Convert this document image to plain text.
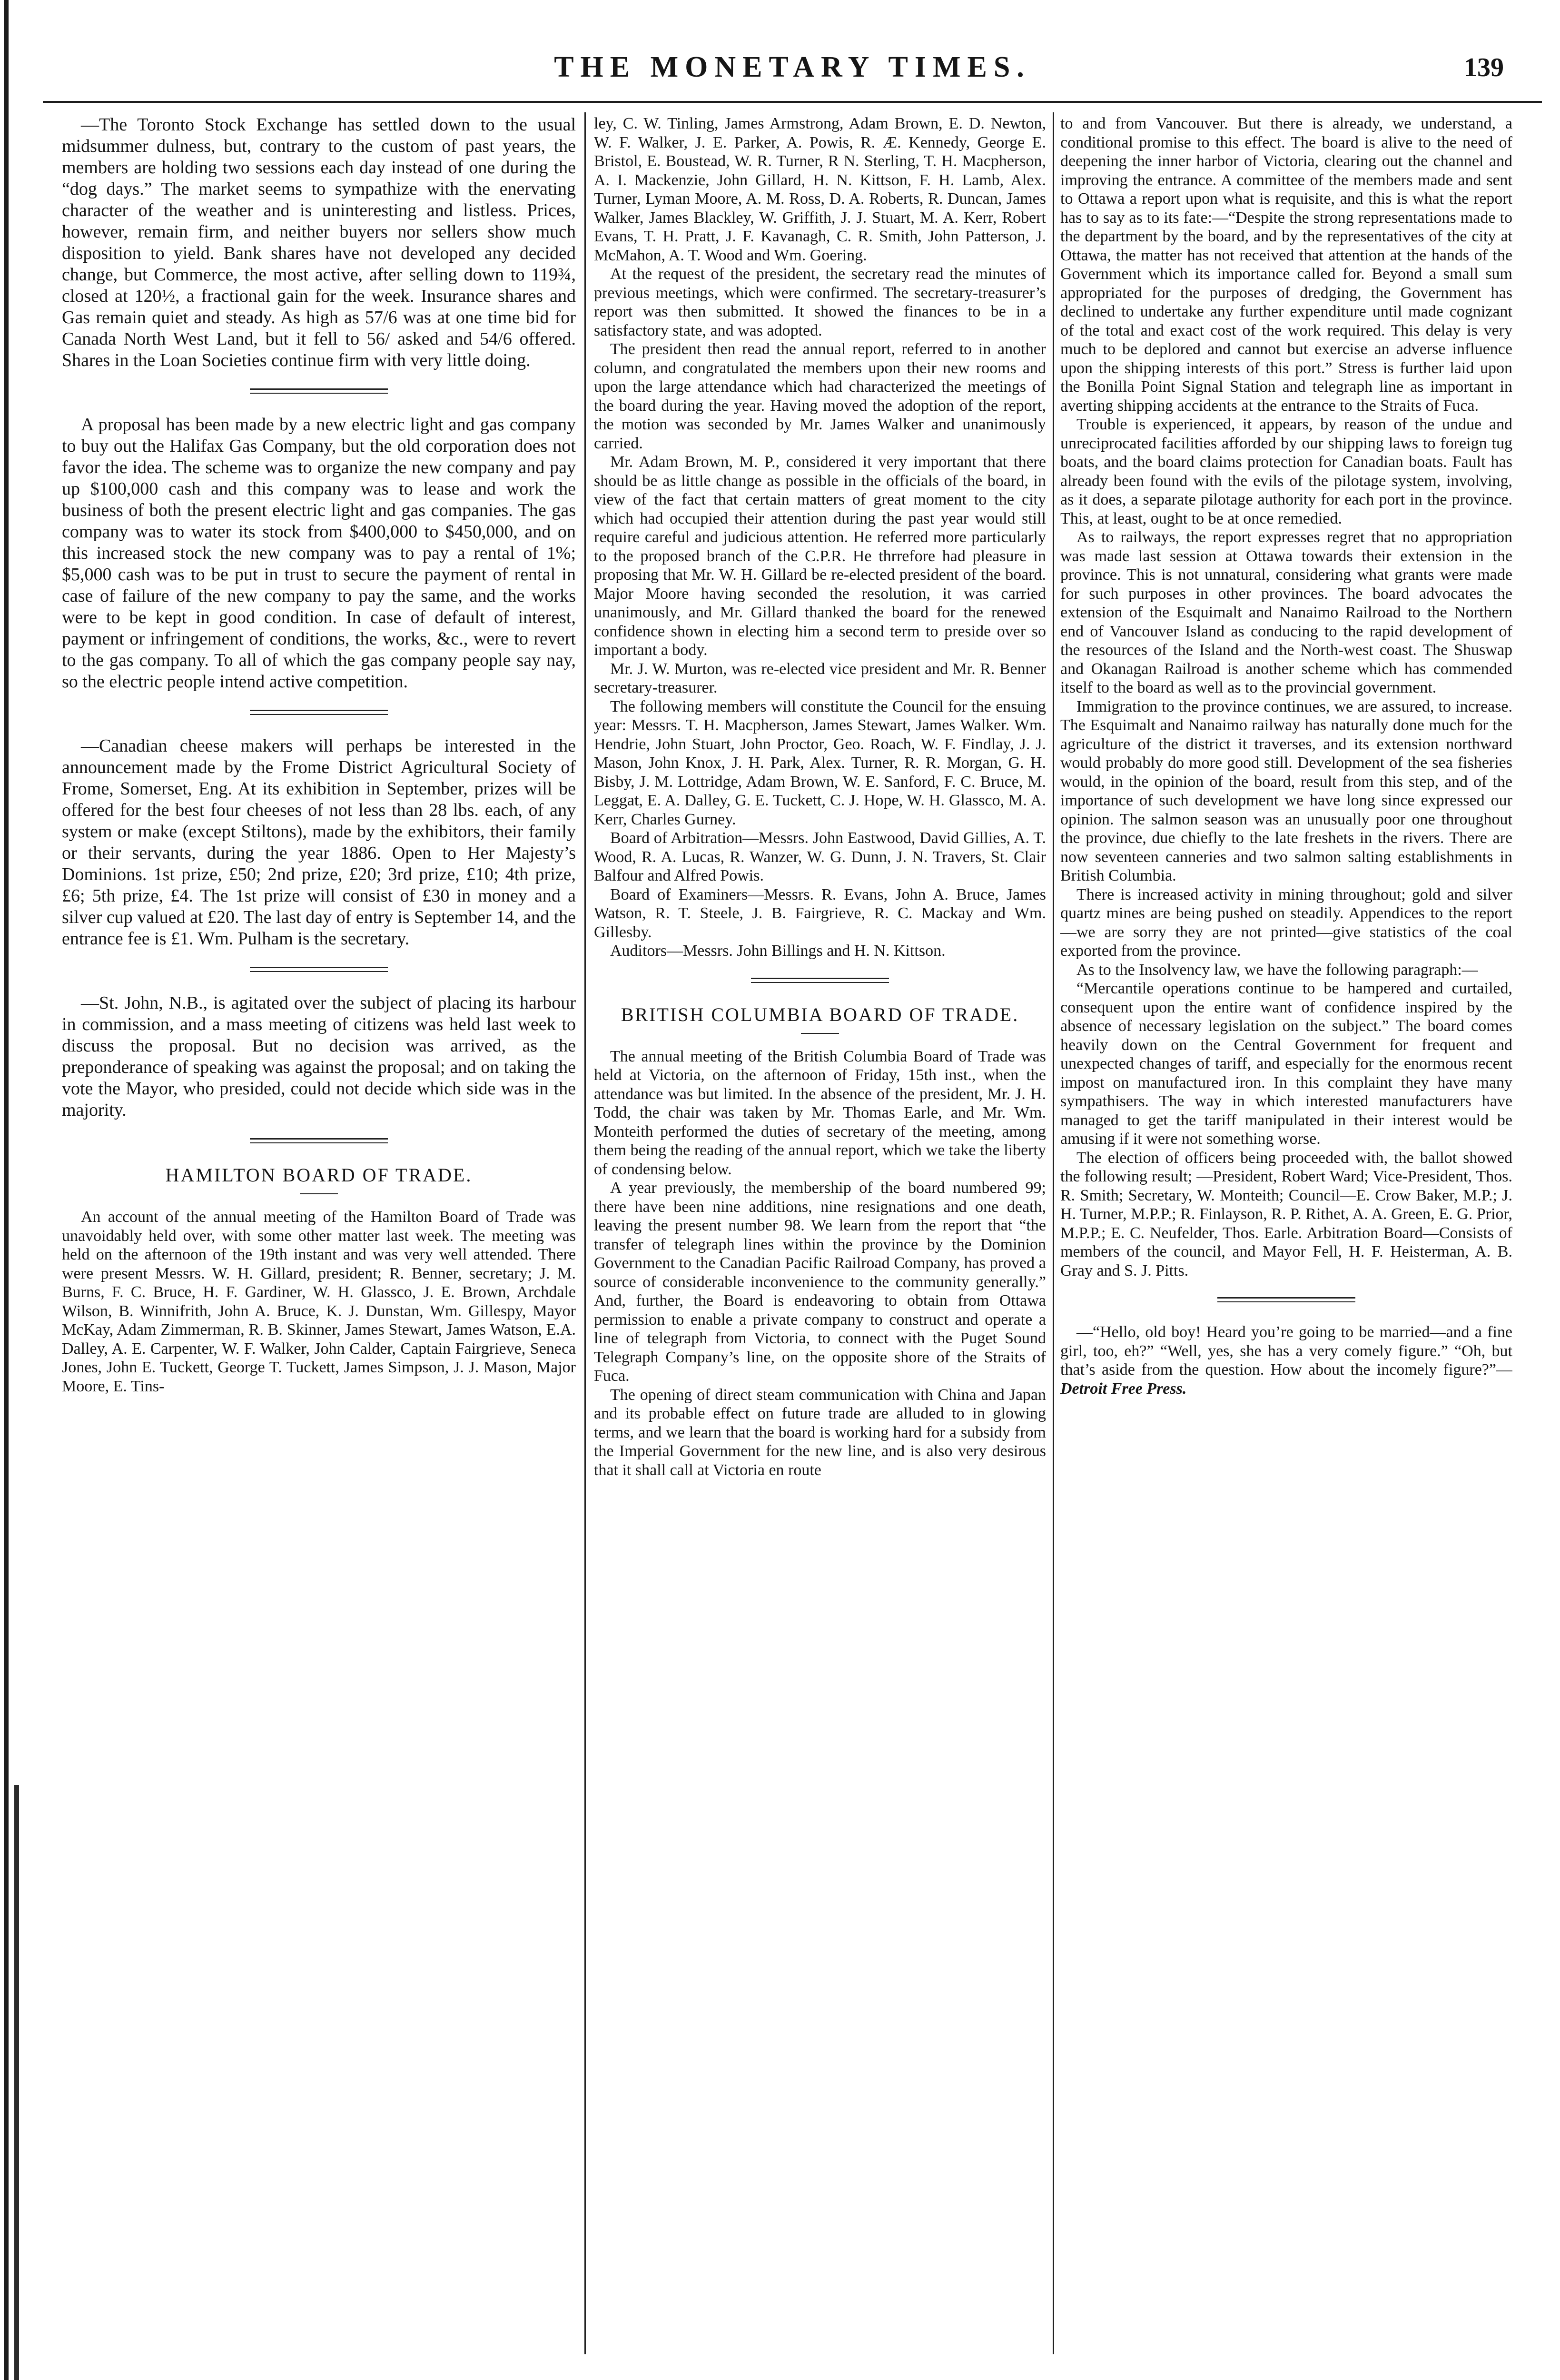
THE MONETARY TIMES.	139

—The Toronto Stock Exchange has settled down to the usual midsummer dulness, but, contrary to the custom of past years, the members are holding two sessions each day instead of one during the “dog days.” The market seems to sympathize with the enervating character of the weather and is uninteresting and listless. Prices, however, remain firm, and neither buyers nor sellers show much disposition to yield. Bank shares have not developed any decided change, but Commerce, the most active, after selling down to 119¾, closed at 120½, a fractional gain for the week. Insurance shares and Gas remain quiet and steady. As high as 57/6 was at one time bid for Canada North West Land, but it fell to 56/ asked and 54/6 offered. Shares in the Loan Societies continue firm with very little doing.

A proposal has been made by a new electric light and gas company to buy out the Halifax Gas Company, but the old corporation does not favor the idea. The scheme was to organize the new company and pay up $100,000 cash and this company was to lease and work the business of both the present electric light and gas companies. The gas company was to water its stock from $400,000 to $450,000, and on this increased stock the new company was to pay a rental of 1%; $5,000 cash was to be put in trust to secure the payment of rental in case of failure of the new company to pay the same, and the works were to be kept in good condition. In case of default of interest, payment or infringement of conditions, the works, &c., were to revert to the gas company. To all of which the gas company people say nay, so the electric people intend active competition.

—Canadian cheese makers will perhaps be interested in the announcement made by the Frome District Agricultural Society of Frome, Somerset, Eng. At its exhibition in September, prizes will be offered for the best four cheeses of not less than 28 lbs. each, of any system or make (except Stiltons), made by the exhibitors, their family or their servants, during the year 1886. Open to Her Majesty’s Dominions. 1st prize, £50; 2nd prize, £20; 3rd prize, £10; 4th prize, £6; 5th prize, £4. The 1st prize will consist of £30 in money and a silver cup valued at £20. The last day of entry is September 14, and the entrance fee is £1. Wm. Pulham is the secretary.

—St. John, N.B., is agitated over the subject of placing its harbour in commission, and a mass meeting of citizens was held last week to discuss the proposal. But no decision was arrived, as the preponderance of speaking was against the proposal; and on taking the vote the Mayor, who presided, could not decide which side was in the majority.

HAMILTON BOARD OF TRADE.

An account of the annual meeting of the Hamilton Board of Trade was unavoidably held over, with some other matter last week. The meeting was held on the afternoon of the 19th instant and was very well attended. There were present Messrs. W. H. Gillard, president; R. Benner, secretary; J. M. Burns, F. C. Bruce, H. F. Gardiner, W. H. Glassco, J. E. Brown, Archdale Wilson, B. Winnifrith, John A. Bruce, K. J. Dunstan, Wm. Gillespy, Mayor McKay, Adam Zimmerman, R. B. Skinner, James Stewart, James Watson, E.A. Dalley, A. E. Carpenter, W. F. Walker, John Calder, Captain Fairgrieve, Seneca Jones, John E. Tuckett, George T. Tuckett, James Simpson, J. J. Mason, Major Moore, E. Tins-

ley, C. W. Tinling, James Armstrong, Adam Brown, E. D. Newton, W. F. Walker, J. E. Parker, A. Powis, R. Æ. Kennedy, George E. Bristol, E. Boustead, W. R. Turner, R N. Sterling, T. H. Macpherson, A. I. Mackenzie, John Gillard, H. N. Kittson, F. H. Lamb, Alex. Turner, Lyman Moore, A. M. Ross, D. A. Roberts, R. Duncan, James Walker, James Blackley, W. Griffith, J. J. Stuart, M. A. Kerr, Robert Evans, T. H. Pratt, J. F. Kavanagh, C. R. Smith, John Patterson, J. McMahon, A. T. Wood and Wm. Goering.

At the request of the president, the secretary read the minutes of previous meetings, which were confirmed. The secretary-treasurer’s report was then submitted. It showed the finances to be in a satisfactory state, and was adopted.

The president then read the annual report, referred to in another column, and congratulated the members upon their new rooms and upon the large attendance which had characterized the meetings of the board during the year. Having moved the adoption of the report, the motion was seconded by Mr. James Walker and unanimously carried.

Mr. Adam Brown, M. P., considered it very important that there should be as little change as possible in the officials of the board, in view of the fact that certain matters of great moment to the city which had occupied their attention during the past year would still require careful and judicious attention. He referred more particularly to the proposed branch of the C.P.R. He thrrefore had pleasure in proposing that Mr. W. H. Gillard be re-elected president of the board. Major Moore having seconded the resolution, it was carried unanimously, and Mr. Gillard thanked the board for the renewed confidence shown in electing him a second term to preside over so important a body.

Mr. J. W. Murton, was re-elected vice president and Mr. R. Benner secretary-treasurer.

The following members will constitute the Council for the ensuing year: Messrs. T. H. Macpherson, James Stewart, James Walker. Wm. Hendrie, John Stuart, John Proctor, Geo. Roach, W. F. Findlay, J. J. Mason, John Knox, J. H. Park, Alex. Turner, R. R. Morgan, G. H. Bisby, J. M. Lottridge, Adam Brown, W. E. Sanford, F. C. Bruce, M. Leggat, E. A. Dalley, G. E. Tuckett, C. J. Hope, W. H. Glassco, M. A. Kerr, Charles Gurney.

Board of Arbitration—Messrs. John Eastwood, David Gillies, A. T. Wood, R. A. Lucas, R. Wanzer, W. G. Dunn, J. N. Travers, St. Clair Balfour and Alfred Powis.

Board of Examiners—Messrs. R. Evans, John A. Bruce, James Watson, R. T. Steele, J. B. Fairgrieve, R. C. Mackay and Wm. Gillesby.

Auditors—Messrs. John Billings and H. N. Kittson.

BRITISH COLUMBIA BOARD OF TRADE.

The annual meeting of the British Columbia Board of Trade was held at Victoria, on the afternoon of Friday, 15th inst., when the attendance was but limited. In the absence of the president, Mr. J. H. Todd, the chair was taken by Mr. Thomas Earle, and Mr. Wm. Monteith performed the duties of secretary of the meeting, among them being the reading of the annual report, which we take the liberty of condensing below.

A year previously, the membership of the board numbered 99; there have been nine additions, nine resignations and one death, leaving the present number 98. We learn from the report that “the transfer of telegraph lines within the province by the Dominion Government to the Canadian Pacific Railroad Company, has proved a source of considerable inconvenience to the community generally.” And, further, the Board is endeavoring to obtain from Ottawa permission to enable a private company to construct and operate a line of telegraph from Victoria, to connect with the Puget Sound Telegraph Company’s line, on the opposite shore of the Straits of Fuca.

The opening of direct steam communication with China and Japan and its probable effect on future trade are alluded to in glowing terms, and we learn that the board is working hard for a subsidy from the Imperial Government for the new line, and is also very desirous that it shall call at Victoria en route

to and from Vancouver. But there is already, we understand, a conditional promise to this effect. The board is alive to the need of deepening the inner harbor of Victoria, clearing out the channel and improving the entrance. A committee of the members made and sent to Ottawa a report upon what is requisite, and this is what the report has to say as to its fate:—“Despite the strong representations made to the department by the board, and by the representatives of the city at Ottawa, the matter has not received that attention at the hands of the Government which its importance called for. Beyond a small sum appropriated for the purposes of dredging, the Government has declined to undertake any further expenditure until made cognizant of the total and exact cost of the work required. This delay is very much to be deplored and cannot but exercise an adverse influence upon the shipping interests of this port.” Stress is further laid upon the Bonilla Point Signal Station and telegraph line as important in averting shipping accidents at the entrance to the Straits of Fuca.

Trouble is experienced, it appears, by reason of the undue and unreciprocated facilities afforded by our shipping laws to foreign tug boats, and the board claims protection for Canadian boats. Fault has already been found with the evils of the pilotage system, involving, as it does, a separate pilotage authority for each port in the province. This, at least, ought to be at once remedied.

As to railways, the report expresses regret that no appropriation was made last session at Ottawa towards their extension in the province. This is not unnatural, considering what grants were made for such purposes in other provinces. The board advocates the extension of the Esquimalt and Nanaimo Railroad to the Northern end of Vancouver Island as conducing to the rapid development of the resources of the Island and the North-west coast. The Shuswap and Okanagan Railroad is another scheme which has commended itself to the board as well as to the provincial government.

Immigration to the province continues, we are assured, to increase. The Esquimalt and Nanaimo railway has naturally done much for the agriculture of the district it traverses, and its extension northward would probably do more good still. Development of the sea fisheries would, in the opinion of the board, result from this step, and of the importance of such development we have long since expressed our opinion. The salmon season was an unusually poor one throughout the province, due chiefly to the late freshets in the rivers. There are now seventeen canneries and two salmon salting establishments in British Columbia.

There is increased activity in mining throughout; gold and silver quartz mines are being pushed on steadily. Appendices to the report—we are sorry they are not printed—give statistics of the coal exported from the province.

As to the Insolvency law, we have the following paragraph:—

“Mercantile operations continue to be hampered and curtailed, consequent upon the entire want of confidence inspired by the absence of necessary legislation on the subject.” The board comes heavily down on the Central Government for frequent and unexpected changes of tariff, and especially for the enormous recent impost on manufactured iron. In this complaint they have many sympathisers. The way in which interested manufacturers have managed to get the tariff manipulated in their interest would be amusing if it were not something worse.

The election of officers being proceeded with, the ballot showed the following result; —President, Robert Ward; Vice-President, Thos. R. Smith; Secretary, W. Monteith; Council—E. Crow Baker, M.P.; J. H. Turner, M.P.P.; R. Finlayson, R. P. Rithet, A. A. Green, E. G. Prior, M.P.P.; E. C. Neufelder, Thos. Earle. Arbitration Board—Consists of members of the council, and Mayor Fell, H. F. Heisterman, A. B. Gray and S. J. Pitts.

—“Hello, old boy! Heard you’re going to be married—and a fine girl, too, eh?” “Well, yes, she has a very comely figure.” “Oh, but that’s aside from the question. How about the incomely figure?”—Detroit Free Press.
